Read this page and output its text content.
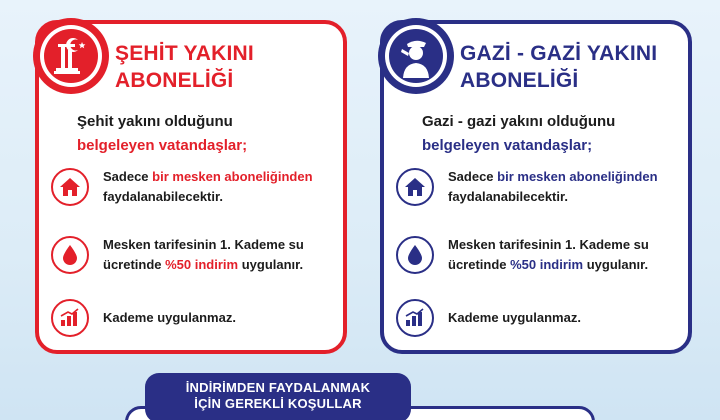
ŞEHİT YAKINI
ABONELİĞİ
Şehit yakını olduğunu
belgeleyen vatandaşlar;
Sadece bir mesken aboneliğinden
faydalanabilecektir.
Mesken tarifesinin 1. Kademe su
ücretinde %50 indirim uygulanır.
Kademe uygulanmaz.
GAZİ - GAZİ YAKINI
ABONELİĞİ
Gazi - gazi yakını olduğunu
belgeleyen vatandaşlar;
Sadece bir mesken aboneliğinden
faydalanabilecektir.
Mesken tarifesinin 1. Kademe su
ücretinde %50 indirim uygulanır.
Kademe uygulanmaz.
İNDİRİMDEN FAYDALANMAK
İÇİN GEREKLİ KOŞULLAR
